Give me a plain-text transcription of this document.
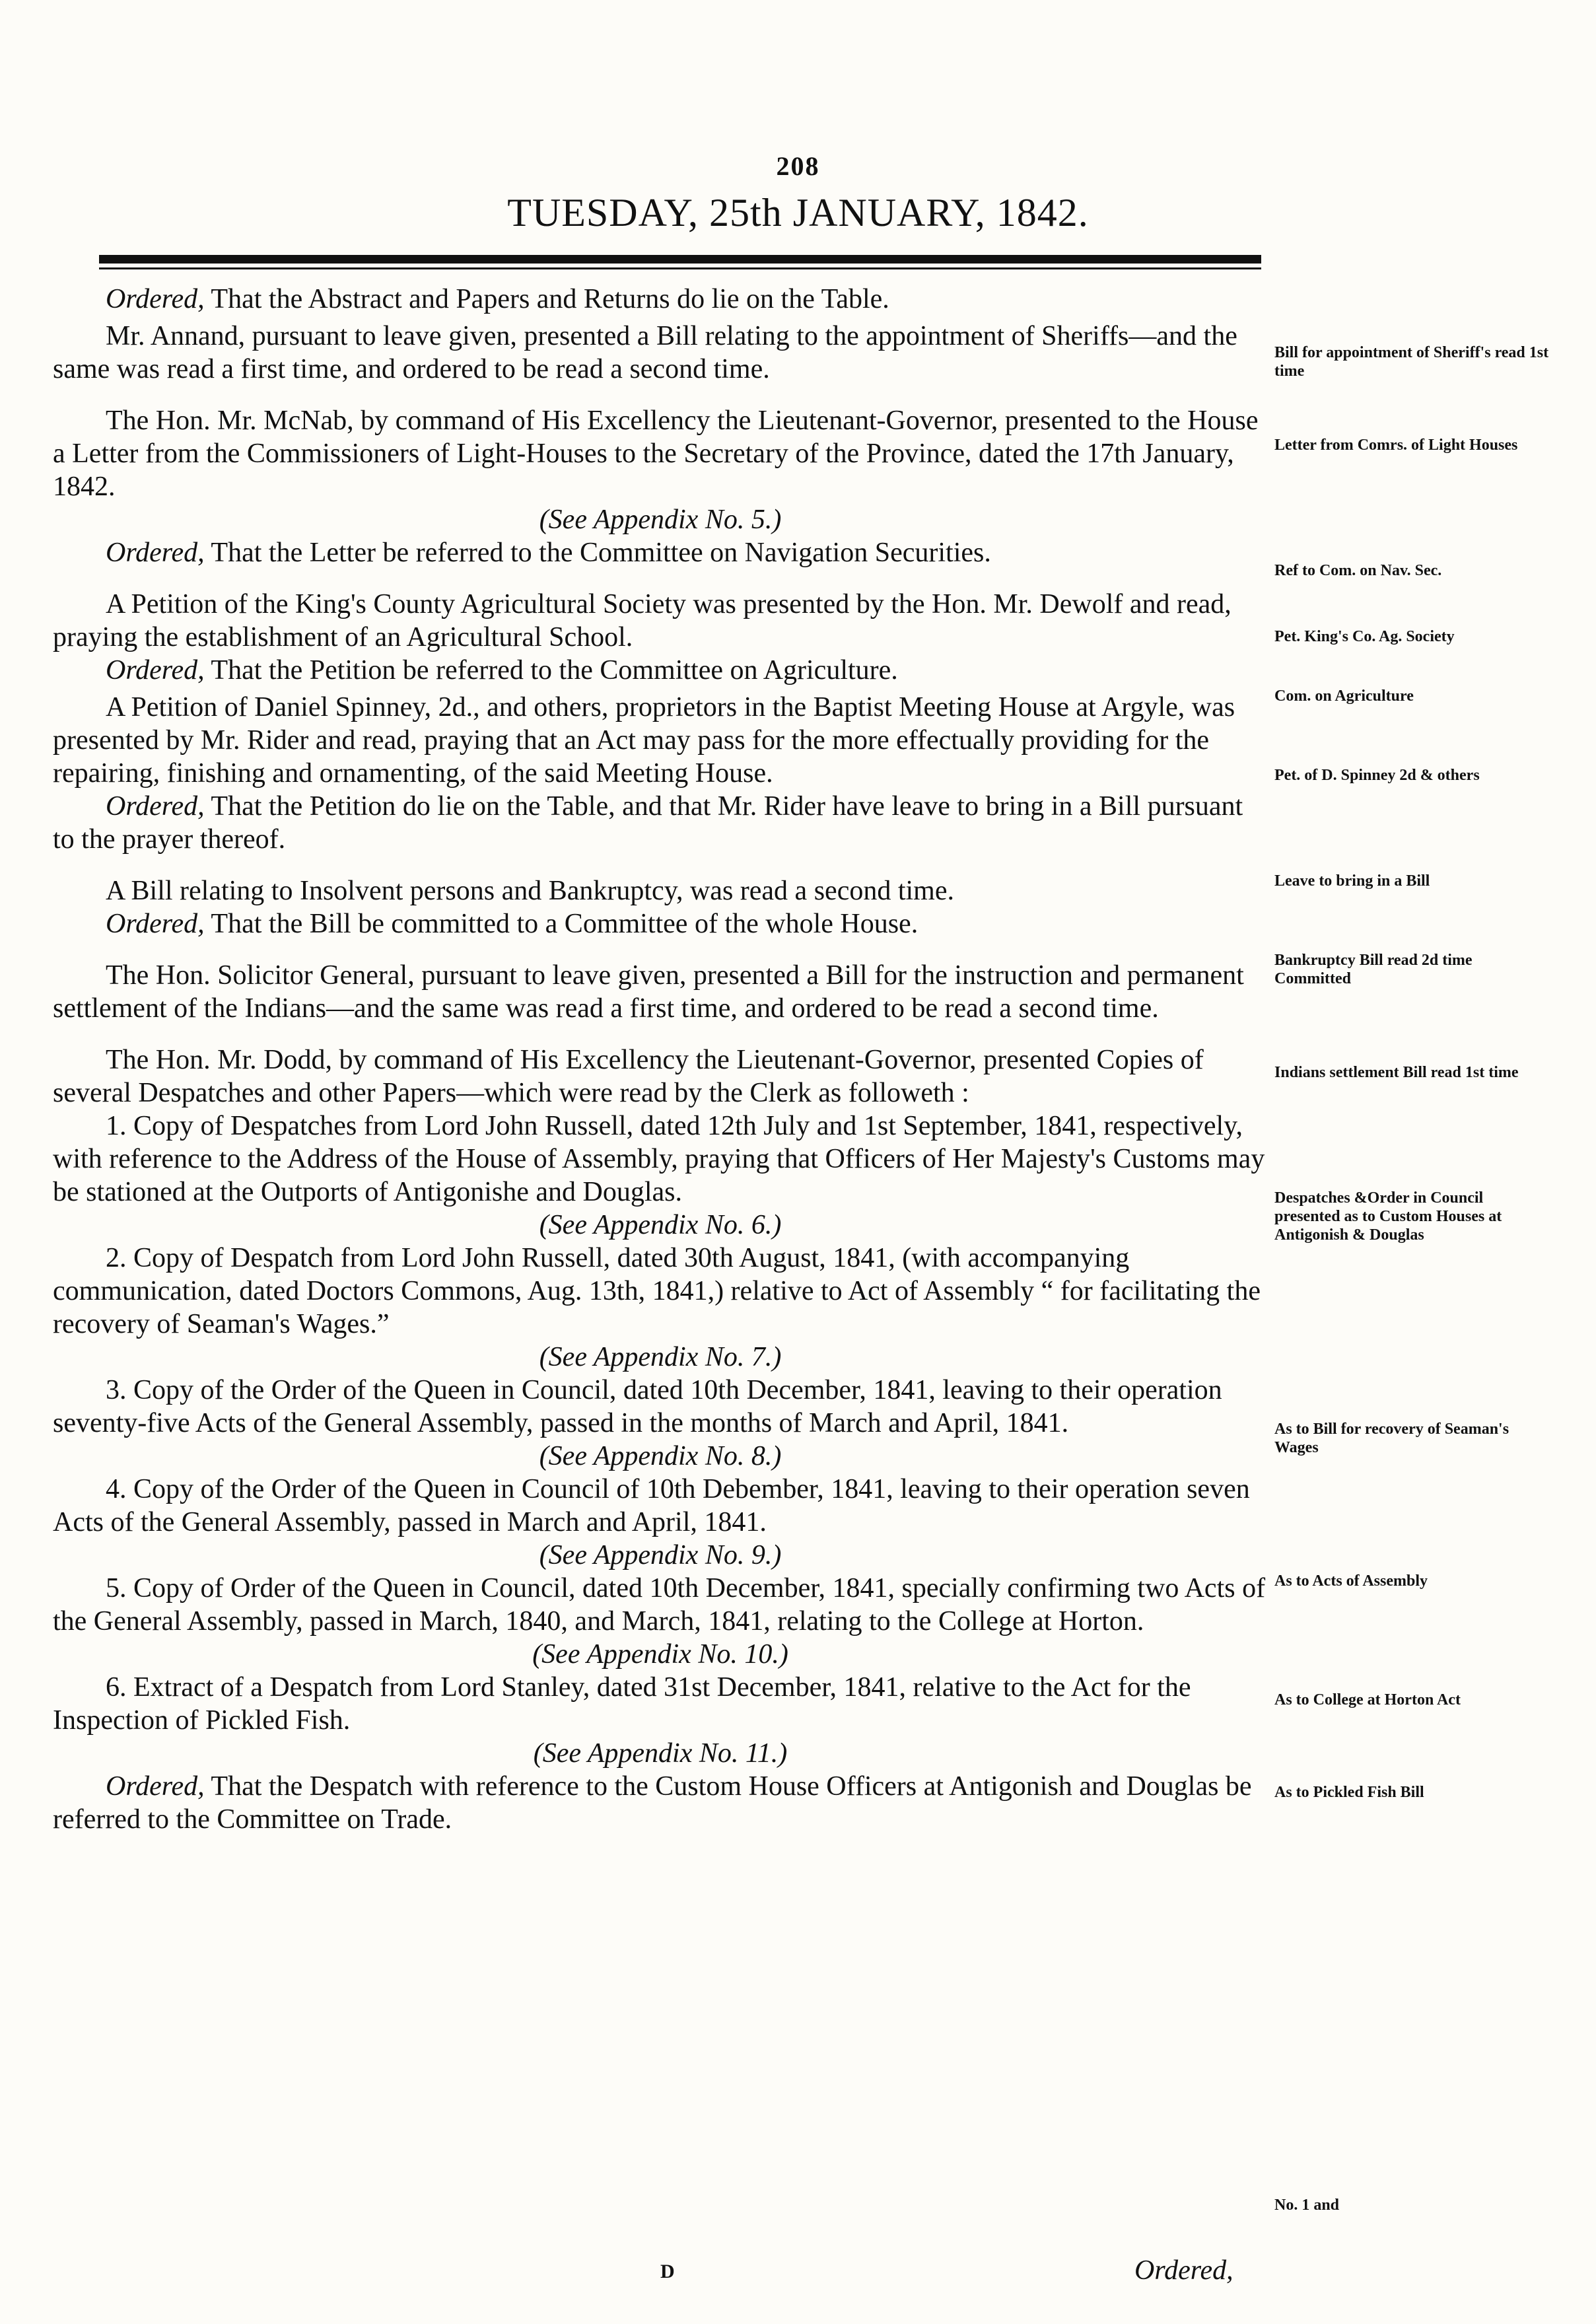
208
TUESDAY, 25th JANUARY, 1842.

Ordered, That the Abstract and Papers and Returns do lie on the Table.

Mr. Annand, pursuant to leave given, presented a Bill relating to the appointment of Sheriffs—and the same was read a first time, and ordered to be read a second time.

The Hon. Mr. McNab, by command of His Excellency the Lieutenant-Governor, presented to the House a Letter from the Commissioners of Light-Houses to the Secretary of the Province, dated the 17th January, 1842.

(See Appendix No. 5.)

Ordered, That the Letter be referred to the Committee on Navigation Securities.

A Petition of the King's County Agricultural Society was presented by the Hon. Mr. Dewolf and read, praying the establishment of an Agricultural School.

Ordered, That the Petition be referred to the Committee on Agriculture.

A Petition of Daniel Spinney, 2d., and others, proprietors in the Baptist Meeting House at Argyle, was presented by Mr. Rider and read, praying that an Act may pass for the more effectually providing for the repairing, finishing and ornamenting, of the said Meeting House.

Ordered, That the Petition do lie on the Table, and that Mr. Rider have leave to bring in a Bill pursuant to the prayer thereof.

A Bill relating to Insolvent persons and Bankruptcy, was read a second time.

Ordered, That the Bill be committed to a Committee of the whole House.

The Hon. Solicitor General, pursuant to leave given, presented a Bill for the instruction and permanent settlement of the Indians—and the same was read a first time, and ordered to be read a second time.

The Hon. Mr. Dodd, by command of His Excellency the Lieutenant-Governor, presented Copies of several Despatches and other Papers—which were read by the Clerk as followeth :

1. Copy of Despatches from Lord John Russell, dated 12th July and 1st September, 1841, respectively, with reference to the Address of the House of Assembly, praying that Officers of Her Majesty's Customs may be stationed at the Outports of Antigonishe and Douglas.

(See Appendix No. 6.)

2. Copy of Despatch from Lord John Russell, dated 30th August, 1841, (with accompanying communication, dated Doctors Commons, Aug. 13th, 1841,) relative to Act of Assembly “ for facilitating the recovery of Seaman's Wages.”

(See Appendix No. 7.)

3. Copy of the Order of the Queen in Council, dated 10th December, 1841, leaving to their operation seventy-five Acts of the General Assembly, passed in the months of March and April, 1841.

(See Appendix No. 8.)

4. Copy of the Order of the Queen in Council of 10th Debember, 1841, leaving to their operation seven Acts of the General Assembly, passed in March and April, 1841.

(See Appendix No. 9.)

5. Copy of Order of the Queen in Council, dated 10th December, 1841, specially confirming two Acts of the General Assembly, passed in March, 1840, and March, 1841, relating to the College at Horton.

(See Appendix No. 10.)

6. Extract of a Despatch from Lord Stanley, dated 31st December, 1841, relative to the Act for the Inspection of Pickled Fish.

(See Appendix No. 11.)

Ordered, That the Despatch with reference to the Custom House Officers at Antigonish and Douglas be referred to the Committee on Trade.

Bill for appointment of Sheriff's read 1st time
Letter from Comrs. of Light Houses
Ref to Com. on Nav. Sec.
Pet. King's Co. Ag. Society
Com. on Agriculture
Pet. of D. Spinney 2d & others
Leave to bring in a Bill
Bankruptcy Bill read 2d time Committed
Indians settlement Bill read 1st time
Despatches &Order in Council presented as to Custom Houses at Antigonish & Douglas
As to Bill for recovery of Seaman's Wages
As to Acts of Assembly
As to College at Horton Act
As to Pickled Fish Bill
No. 1 and
D	Ordered,
